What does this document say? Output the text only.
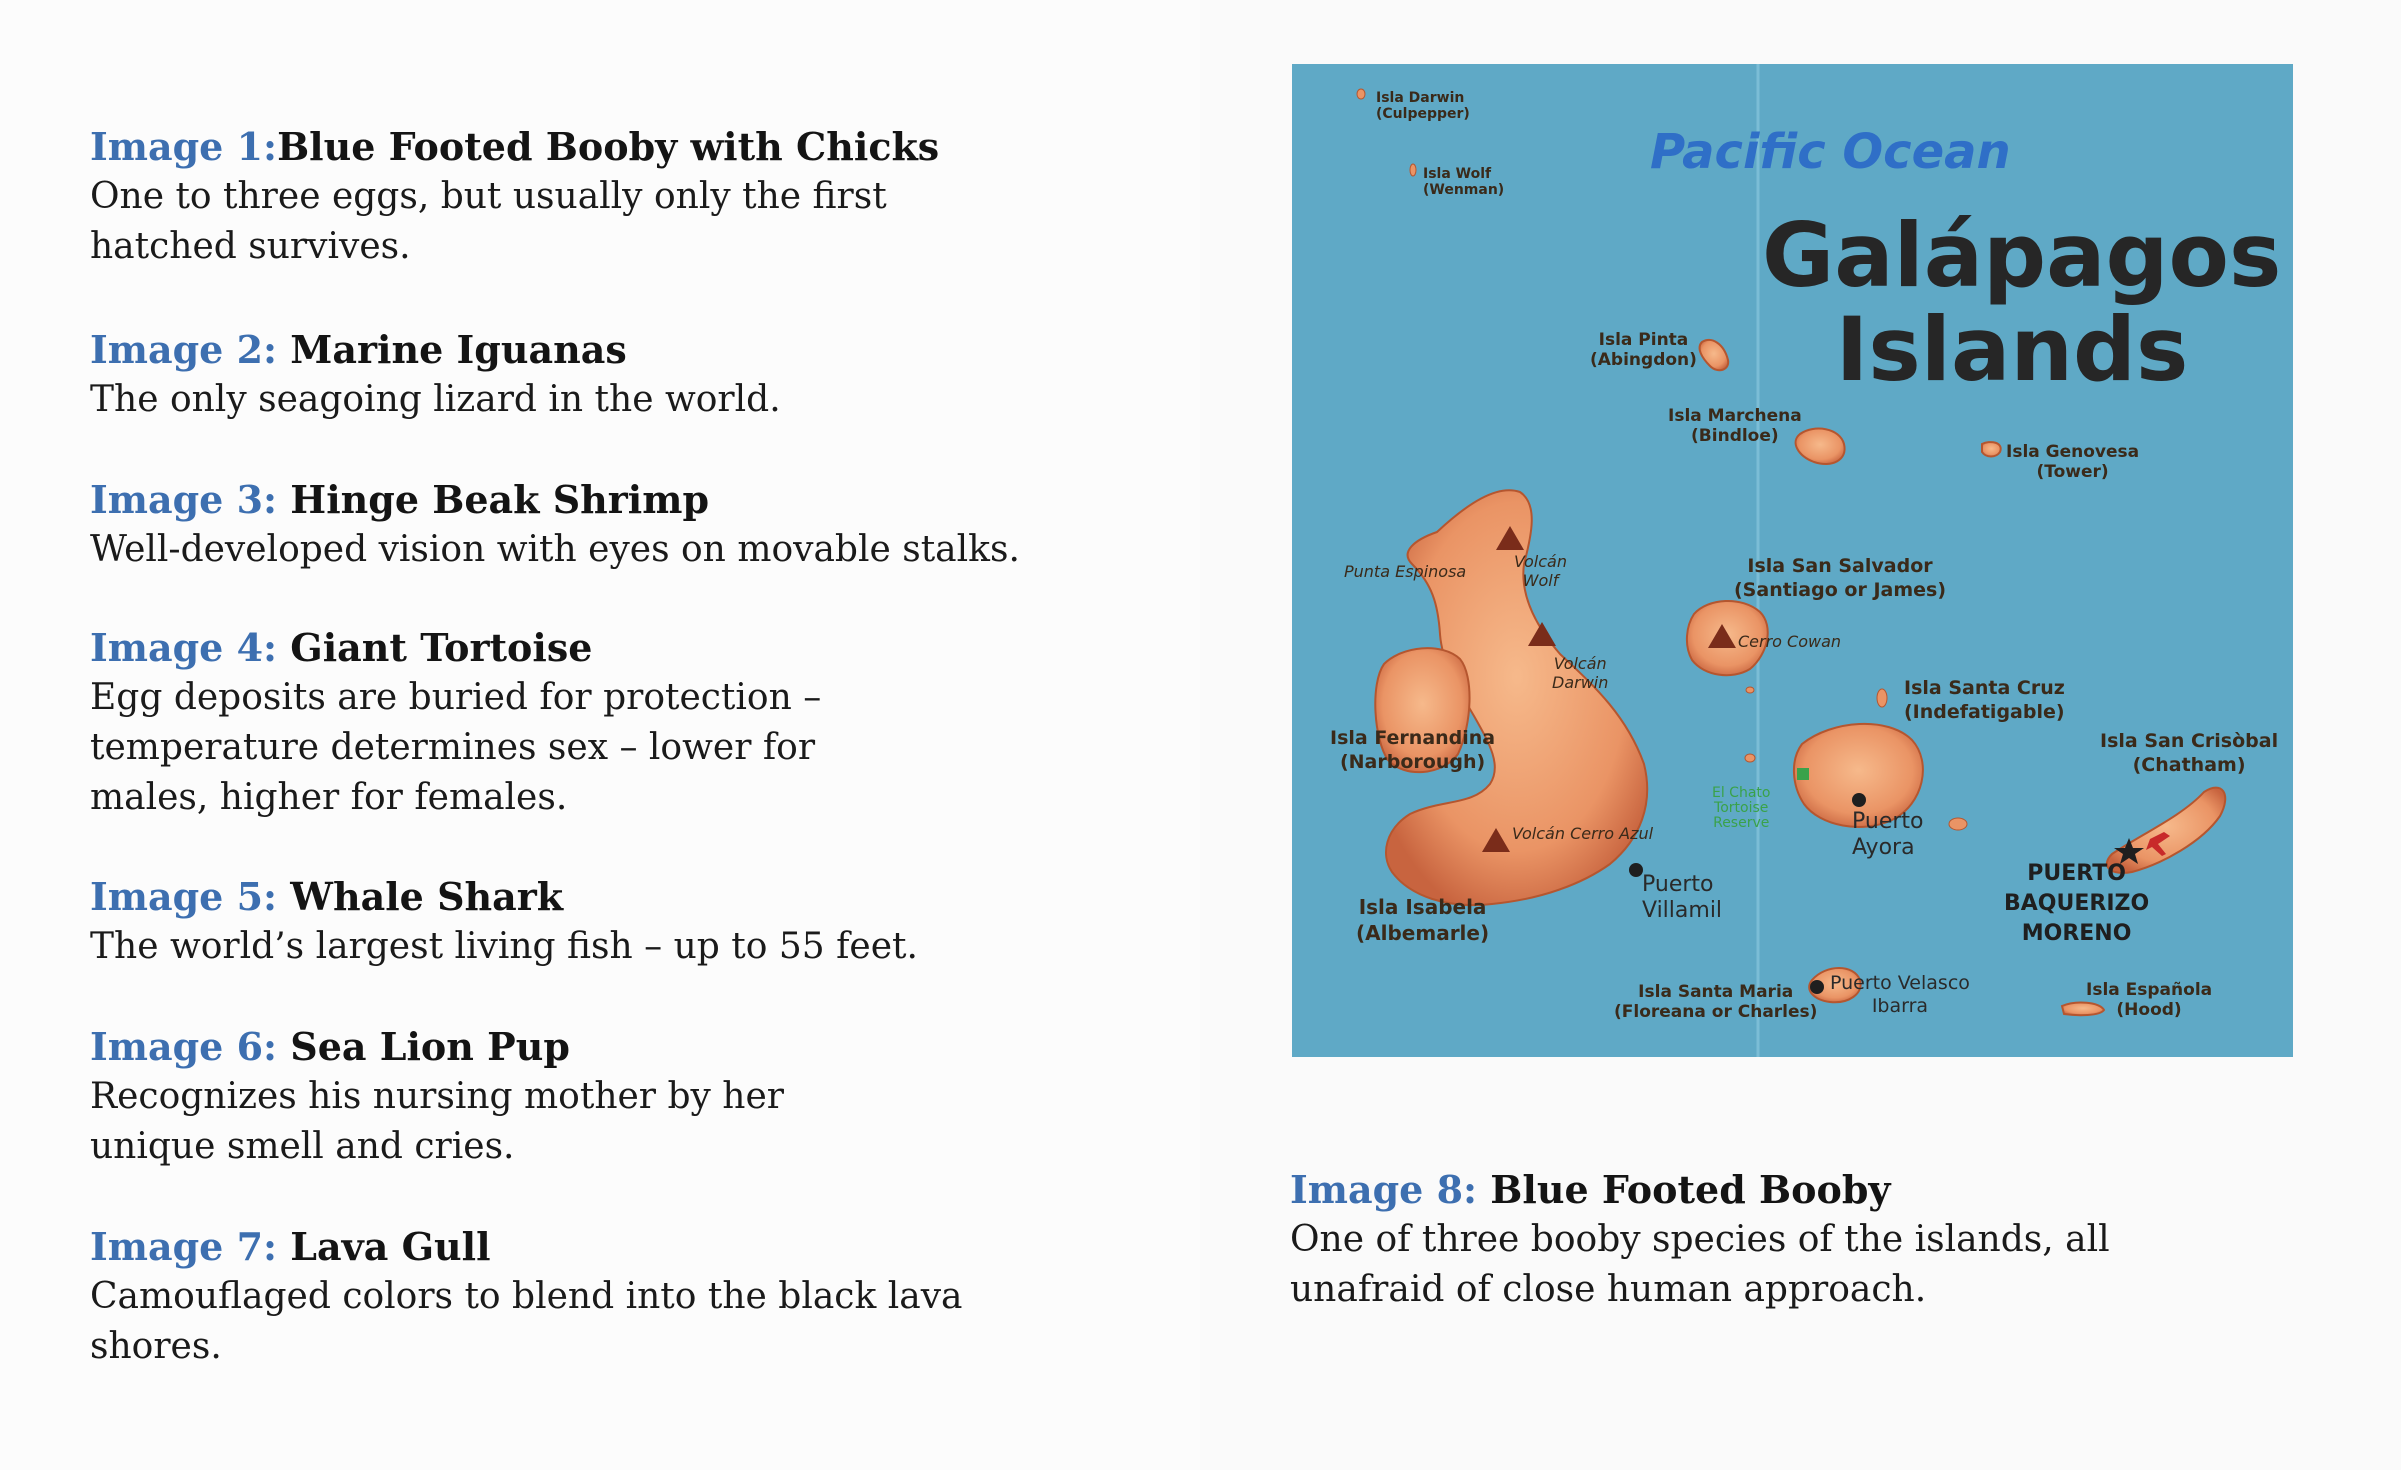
Image 1:Blue Footed Booby with Chicks

One to three eggs, but usually only the first hatched survives.

Image 2: Marine Iguanas

The only seagoing lizard in the world.

Image 3: Hinge Beak Shrimp

Well-developed vision with eyes on movable stalks.

Image 4: Giant Tortoise

Egg deposits are buried for protection – temperature determines sex – lower for males, higher for females.

Image 5: Whale Shark

The world’s largest living fish – up to 55 feet.

Image 6: Sea Lion Pup

Recognizes his nursing mother by her unique smell and cries.

Image 7: Lava Gull

Camouflaged colors to blend into the black lava shores.

Pacific Ocean
Galápagos
Islands
Isla Darwin
(Culpepper)
Isla Wolf
(Wenman)
Isla Pinta
(Abingdon)
Isla Marchena
(Bindloe)
Isla Genovesa
(Tower)
Isla San Salvador
(Santiago or James)
Isla Santa Cruz
(Indefatigable)
Isla Fernandina
(Narborough)
Isla Isabela
(Albemarle)
Isla San Crisòbal
(Chatham)
Isla Santa Maria
(Floreana or Charles)
Isla Española
(Hood)
Punta Espinosa
Volcán
Wolf
Volcán
Darwin
Volcán Cerro Azul
Cerro Cowan
El Chato
Tortoise
Reserve	Puerto
Ayora
Puerto
Villamil
Puerto Velasco
Ibarra
PUERTO
BAQUERIZO
MORENO

Image 8: Blue Footed Booby

One of three booby species of the islands, all unafraid of close human approach.
